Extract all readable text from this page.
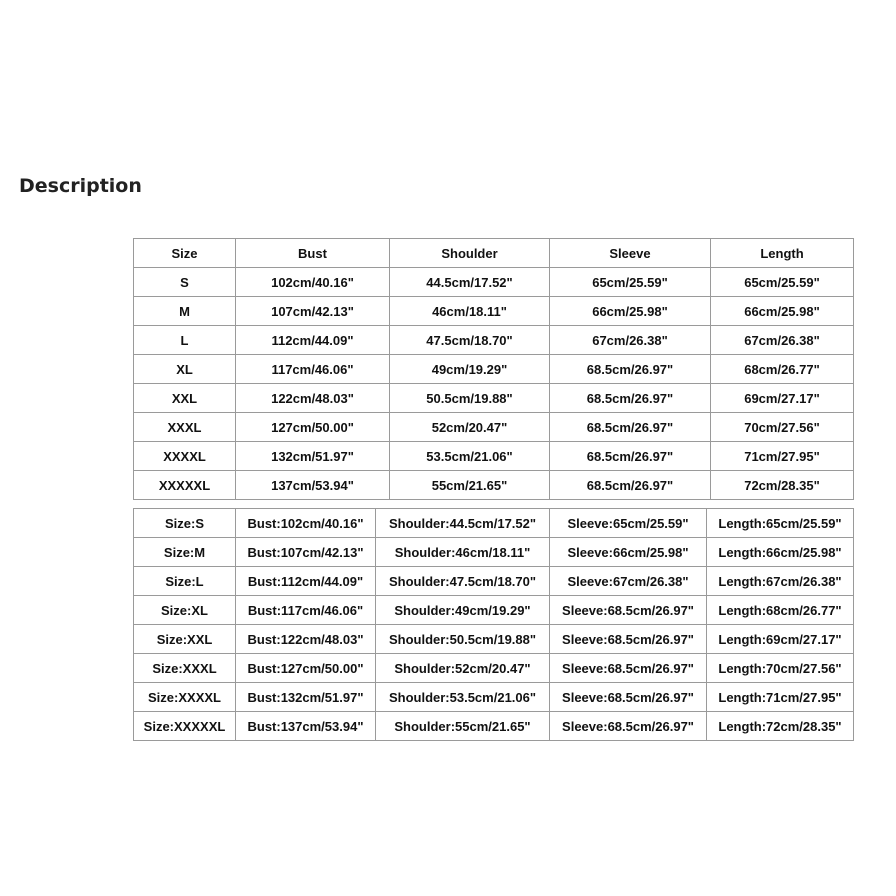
Description
Size	Bust	Shoulder	Sleeve	Length
S	102cm/40.16"	44.5cm/17.52"	65cm/25.59"	65cm/25.59"
M	107cm/42.13"	46cm/18.11"	66cm/25.98"	66cm/25.98"
L	112cm/44.09"	47.5cm/18.70"	67cm/26.38"	67cm/26.38"
XL	117cm/46.06"	49cm/19.29"	68.5cm/26.97"	68cm/26.77"
XXL	122cm/48.03"	50.5cm/19.88"	68.5cm/26.97"	69cm/27.17"
XXXL	127cm/50.00"	52cm/20.47"	68.5cm/26.97"	70cm/27.56"
XXXXL	132cm/51.97"	53.5cm/21.06"	68.5cm/26.97"	71cm/27.95"
XXXXXL	137cm/53.94"	55cm/21.65"	68.5cm/26.97"	72cm/28.35"
Size:S	Bust:102cm/40.16"	Shoulder:44.5cm/17.52"	Sleeve:65cm/25.59"	Length:65cm/25.59"
Size:M	Bust:107cm/42.13"	Shoulder:46cm/18.11"	Sleeve:66cm/25.98"	Length:66cm/25.98"
Size:L	Bust:112cm/44.09"	Shoulder:47.5cm/18.70"	Sleeve:67cm/26.38"	Length:67cm/26.38"
Size:XL	Bust:117cm/46.06"	Shoulder:49cm/19.29"	Sleeve:68.5cm/26.97"	Length:68cm/26.77"
Size:XXL	Bust:122cm/48.03"	Shoulder:50.5cm/19.88"	Sleeve:68.5cm/26.97"	Length:69cm/27.17"
Size:XXXL	Bust:127cm/50.00"	Shoulder:52cm/20.47"	Sleeve:68.5cm/26.97"	Length:70cm/27.56"
Size:XXXXL	Bust:132cm/51.97"	Shoulder:53.5cm/21.06"	Sleeve:68.5cm/26.97"	Length:71cm/27.95"
Size:XXXXXL	Bust:137cm/53.94"	Shoulder:55cm/21.65"	Sleeve:68.5cm/26.97"	Length:72cm/28.35"
